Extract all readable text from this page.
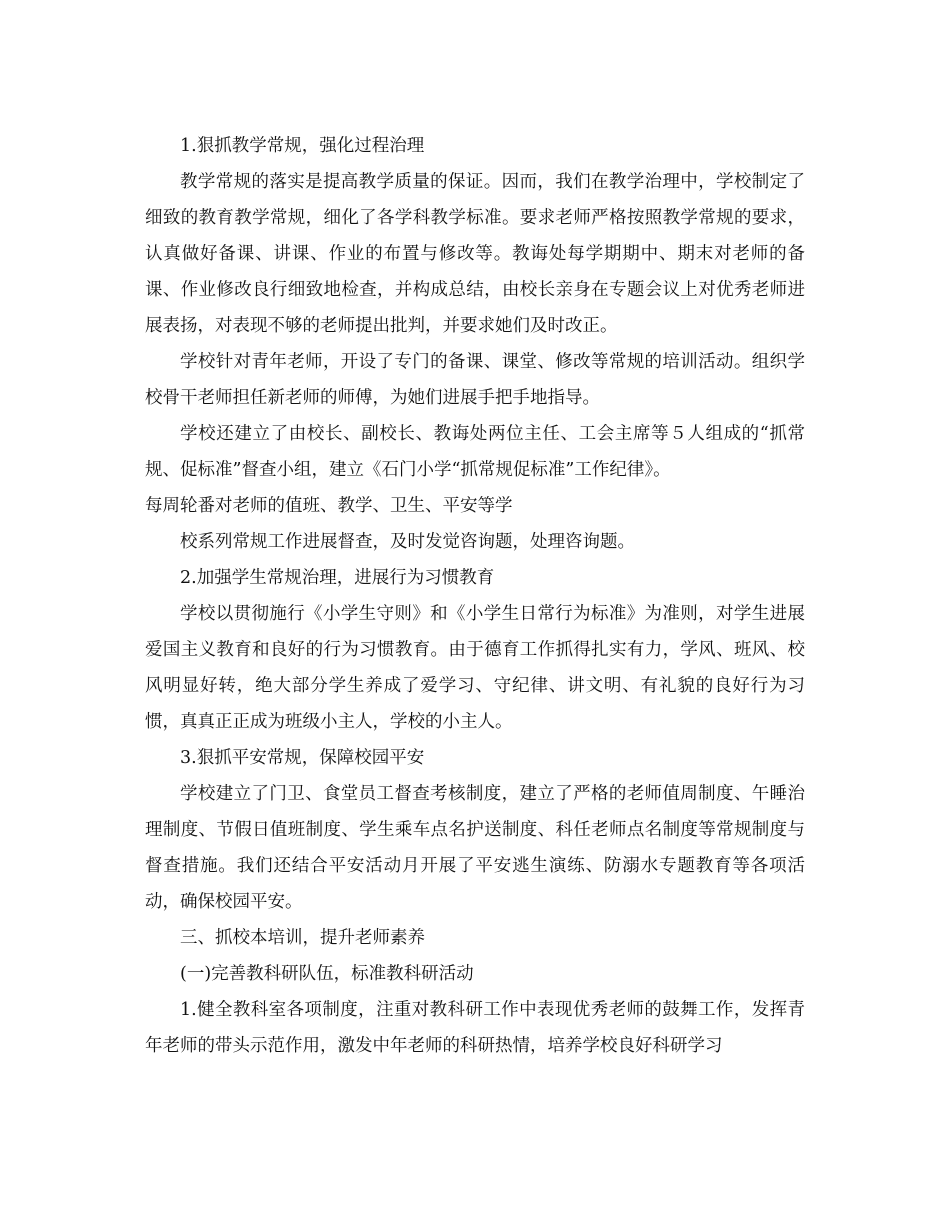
1.狠抓教学常规，强化过程治理

教学常规的落实是提高教学质量的保证。因而，我们在教学治理中，学校制定了细致的教育教学常规，细化了各学科教学标准。要求老师严格按照教学常规的要求，认真做好备课、讲课、作业的布置与修改等。教诲处每学期期中、期末对老师的备课、作业修改良行细致地检查，并构成总结，由校长亲身在专题会议上对优秀老师进展表扬，对表现不够的老师提出批判，并要求她们及时改正。

学校针对青年老师，开设了专门的备课、课堂、修改等常规的培训活动。组织学校骨干老师担任新老师的师傅，为她们进展手把手地指导。

学校还建立了由校长、副校长、教诲处两位主任、工会主席等５人组成的“抓常规、促标准”督查小组，建立《石门小学“抓常规促标准”工作纪律》。

每周轮番对老师的值班、教学、卫生、平安等学

校系列常规工作进展督查，及时发觉咨询题，处理咨询题。

2.加强学生常规治理，进展行为习惯教育

学校以贯彻施行《小学生守则》和《小学生日常行为标准》为准则，对学生进展爱国主义教育和良好的行为习惯教育。由于德育工作抓得扎实有力，学风、班风、校风明显好转，绝大部分学生养成了爱学习、守纪律、讲文明、有礼貌的良好行为习惯，真真正正成为班级小主人，学校的小主人。

3.狠抓平安常规，保障校园平安

学校建立了门卫、食堂员工督查考核制度，建立了严格的老师值周制度、午睡治理制度、节假日值班制度、学生乘车点名护送制度、科任老师点名制度等常规制度与督查措施。我们还结合平安活动月开展了平安逃生演练、防溺水专题教育等各项活动，确保校园平安。

三、抓校本培训，提升老师素养

(一)完善教科研队伍，标准教科研活动

1.健全教科室各项制度，注重对教科研工作中表现优秀老师的鼓舞工作，发挥青年老师的带头示范作用，激发中年老师的科研热情，培养学校良好科研学习
